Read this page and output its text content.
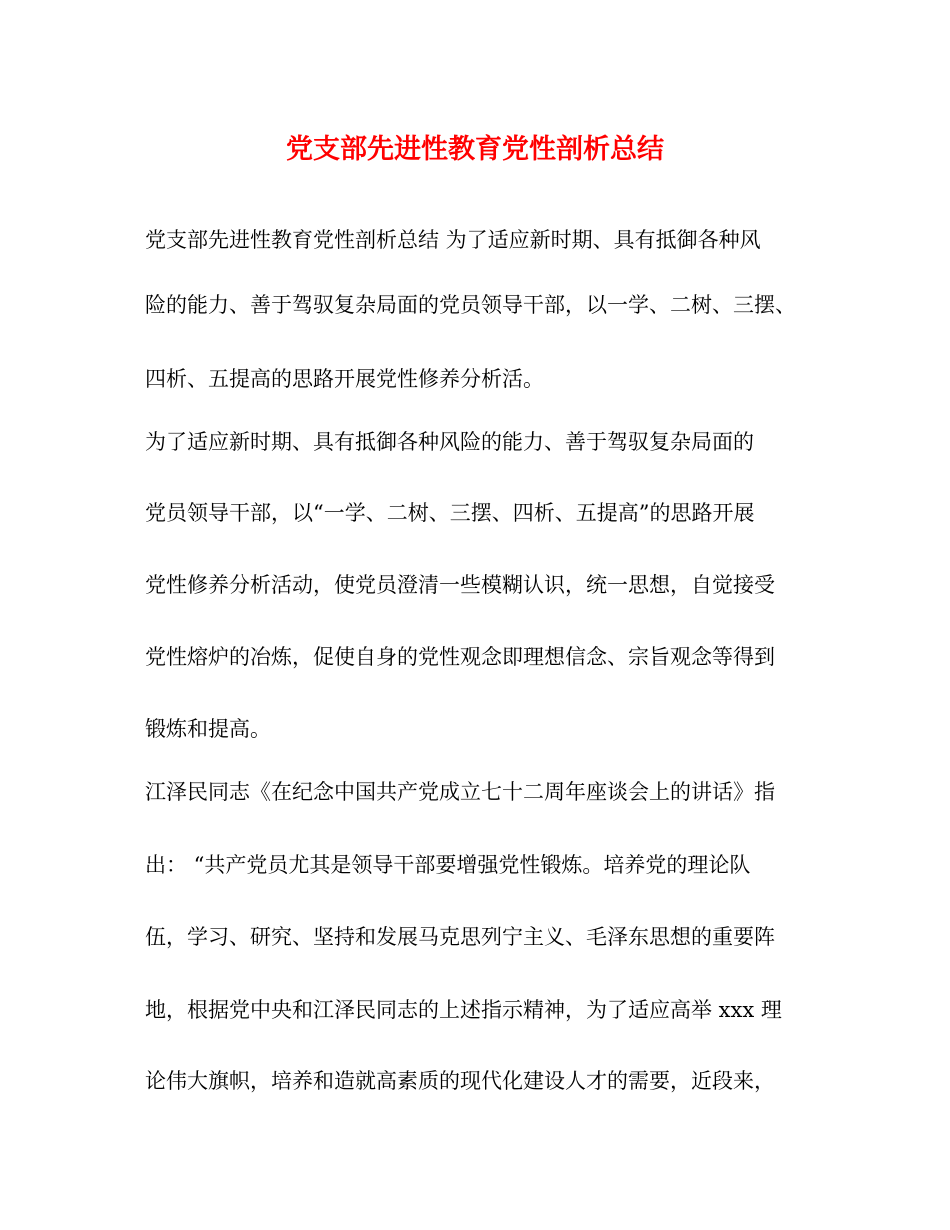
党支部先进性教育党性剖析总结

党支部先进性教育党性剖析总结 为了适应新时期、具有抵御各种风

险的能力、善于驾驭复杂局面的党员领导干部，以一学、二树、三摆、

四析、五提高的思路开展党性修养分析活。

为了适应新时期、具有抵御各种风险的能力、善于驾驭复杂局面的

党员领导干部，以“一学、二树、三摆、四析、五提高”的思路开展

党性修养分析活动，使党员澄清一些模糊认识，统一思想，自觉接受

党性熔炉的冶炼，促使自身的党性观念即理想信念、宗旨观念等得到

锻炼和提高。

江泽民同志《在纪念中国共产党成立七十二周年座谈会上的讲话》指

出： “共产党员尤其是领导干部要增强党性锻炼。培养党的理论队

伍，学习、研究、坚持和发展马克思列宁主义、毛泽东思想的重要阵

地，根据党中央和江泽民同志的上述指示精神，为了适应高举 xxx 理

论伟大旗帜，培养和造就高素质的现代化建设人才的需要，近段来，
